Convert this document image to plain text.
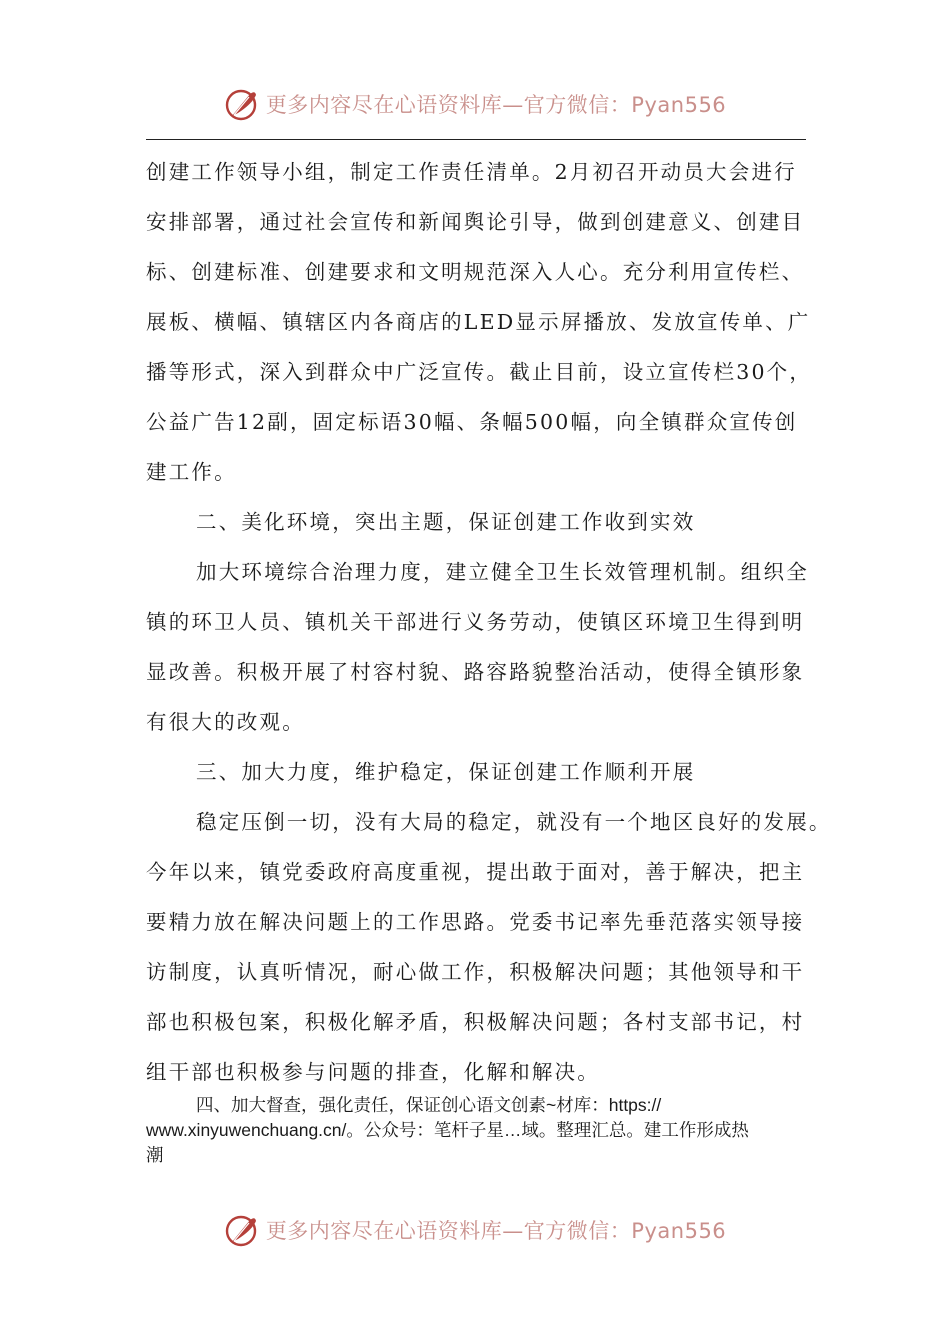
更多内容尽在心语资料库—官方微信：Pyan556
创建工作领导小组，制定工作责任清单。2月初召开动员大会进行
安排部署，通过社会宣传和新闻舆论引导，做到创建意义、创建目
标、创建标准、创建要求和文明规范深入人心。充分利用宣传栏、
展板、横幅、镇辖区内各商店的LED显示屏播放、发放宣传单、广
播等形式，深入到群众中广泛宣传。截止目前，设立宣传栏30个，
公益广告12副，固定标语30幅、条幅500幅，向全镇群众宣传创
建工作。
二、美化环境，突出主题，保证创建工作收到实效
加大环境综合治理力度，建立健全卫生长效管理机制。组织全
镇的环卫人员、镇机关干部进行义务劳动，使镇区环境卫生得到明
显改善。积极开展了村容村貌、路容路貌整治活动，使得全镇形象
有很大的改观。
三、加大力度，维护稳定，保证创建工作顺利开展
稳定压倒一切，没有大局的稳定，就没有一个地区良好的发展。
今年以来，镇党委政府高度重视，提出敢于面对，善于解决，把主
要精力放在解决问题上的工作思路。党委书记率先垂范落实领导接
访制度，认真听情况，耐心做工作，积极解决问题；其他领导和干
部也积极包案，积极化解矛盾，积极解决问题；各村支部书记，村
组干部也积极参与问题的排查，化解和解决。
四、加大督查，强化责任，保证创心语文创素~材库：https://
www.xinyuwenchuang.cn/。公众号：笔杆子星…域。整理汇总。建工作形成热
潮
更多内容尽在心语资料库—官方微信：Pyan556
